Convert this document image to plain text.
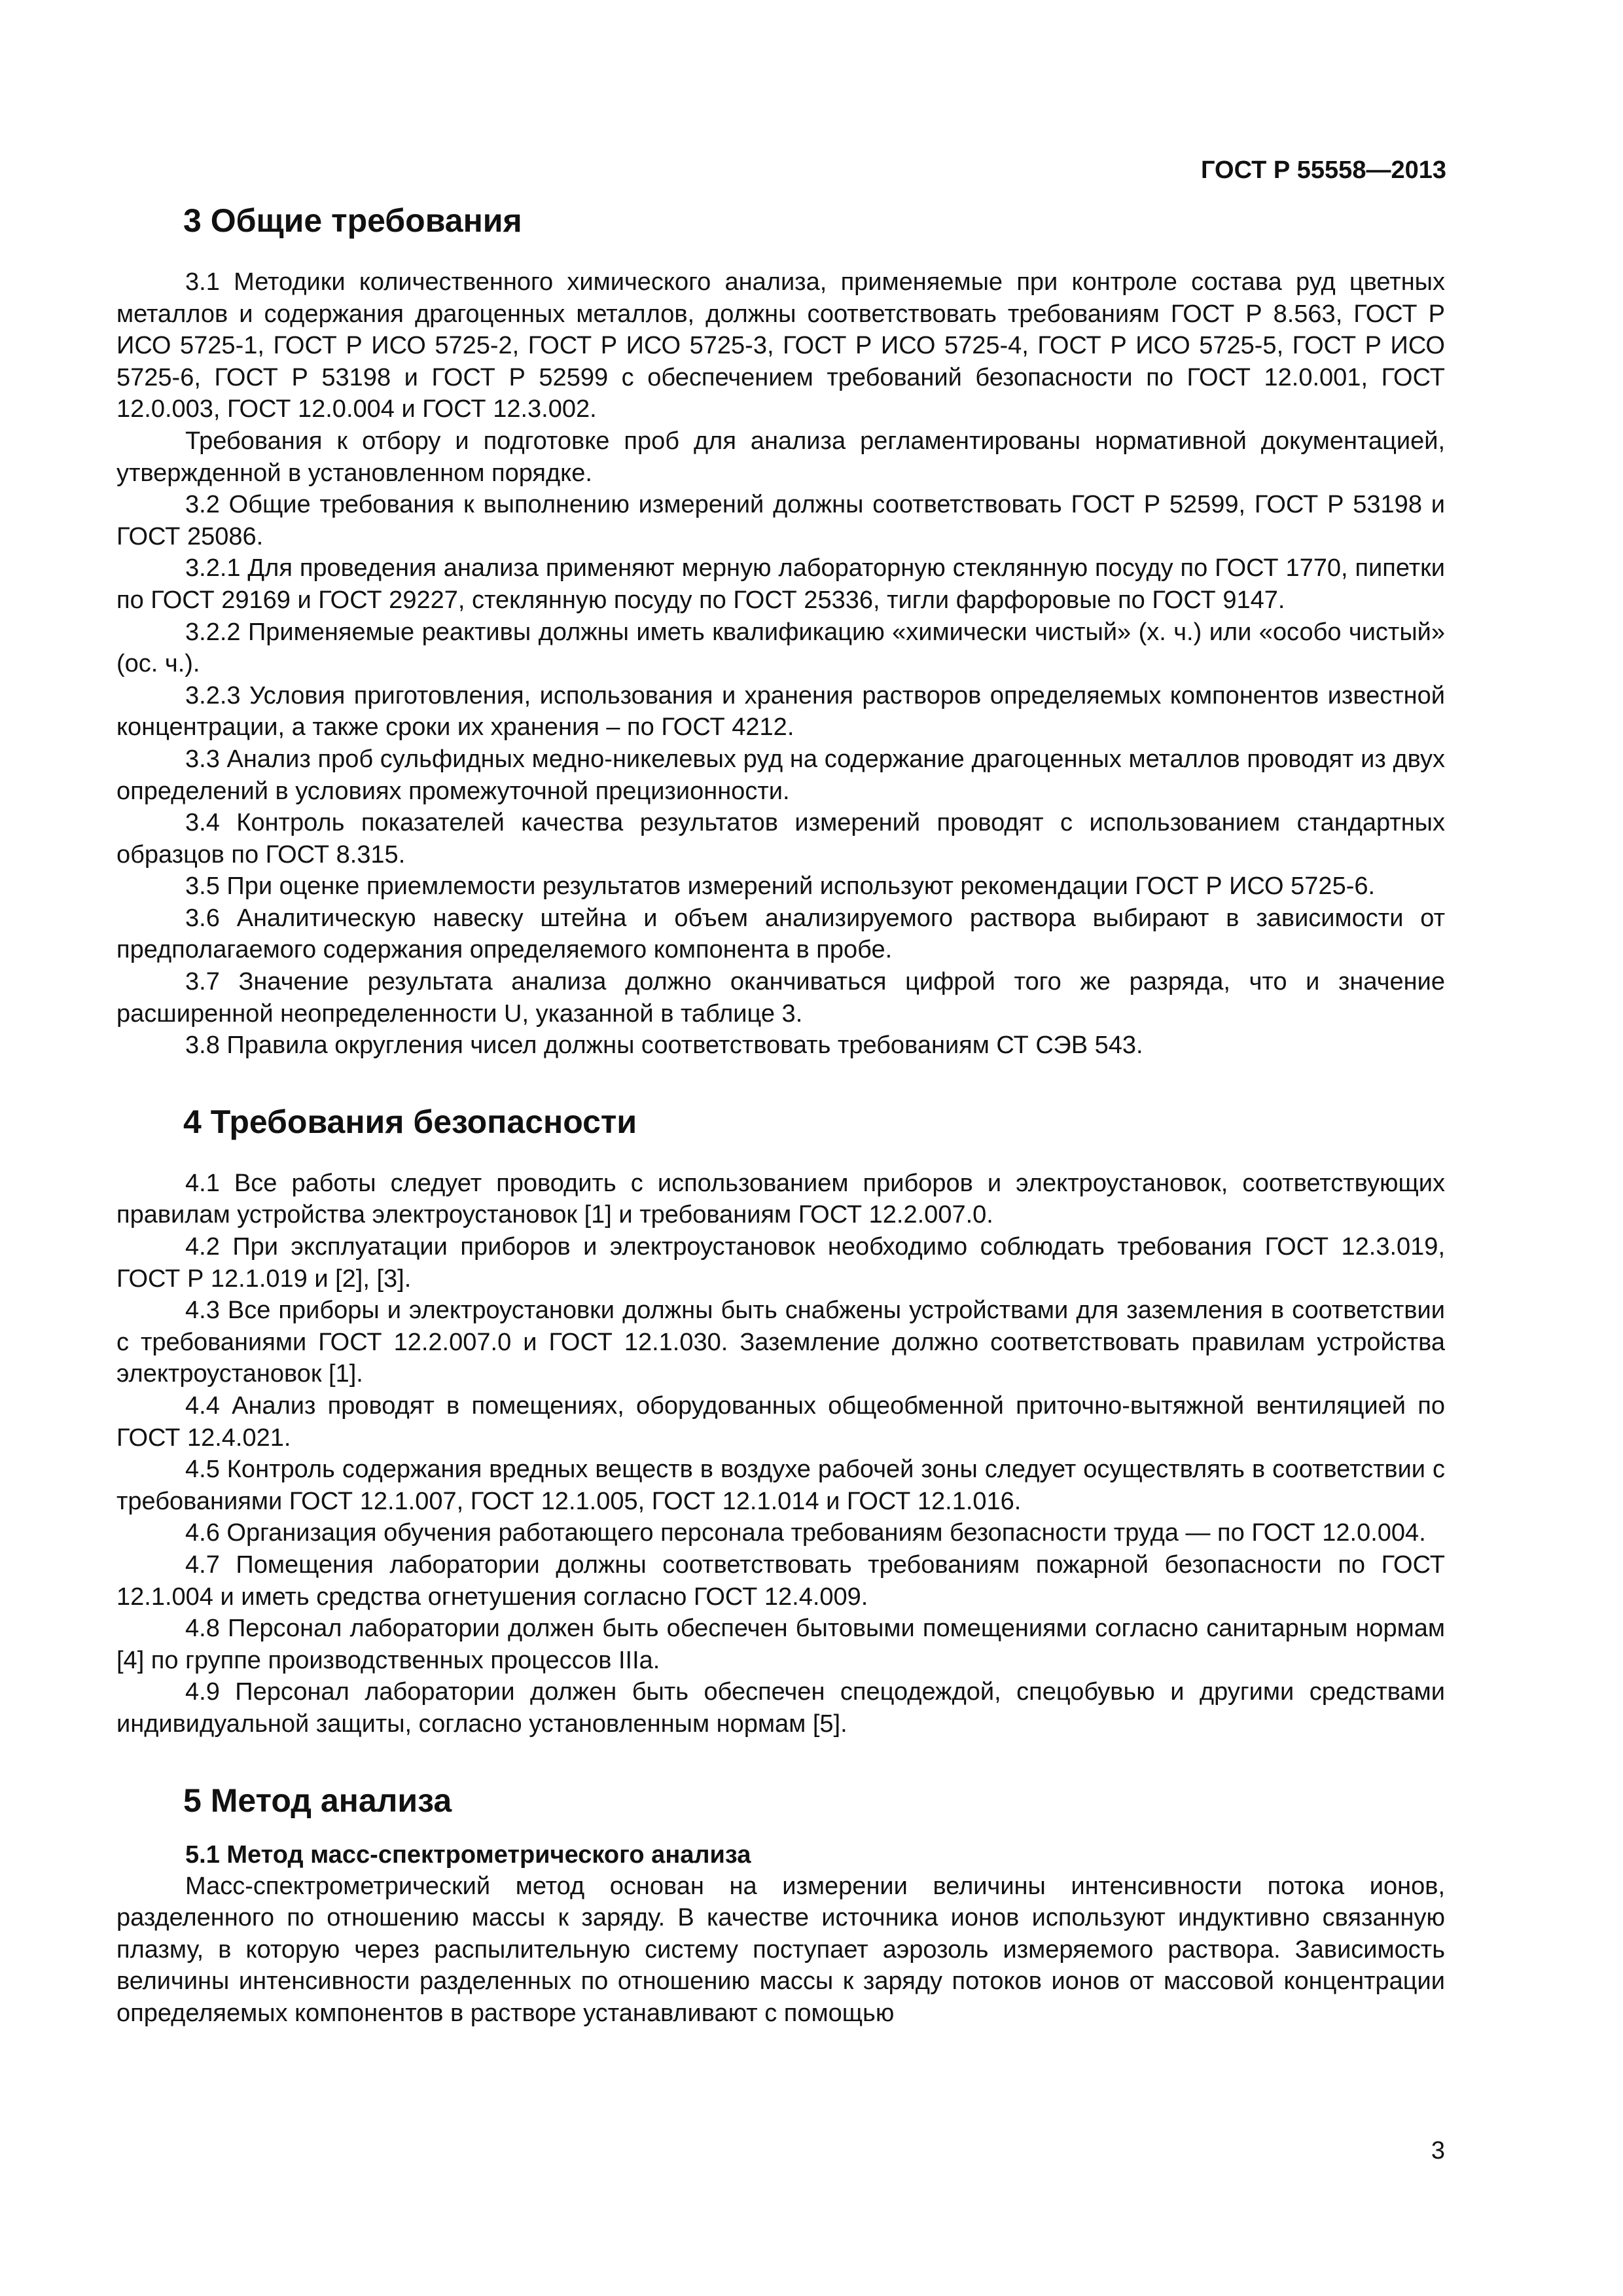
ГОСТ Р 55558—2013
3 Общие требования

3.1 Методики количественного химического анализа, применяемые при контроле состава руд цветных металлов и содержания драгоценных металлов, должны соответствовать требованиям ГОСТ Р 8.563, ГОСТ Р ИСО 5725-1, ГОСТ Р ИСО 5725-2, ГОСТ Р ИСО 5725-3, ГОСТ Р ИСО 5725-4, ГОСТ Р ИСО 5725-5, ГОСТ Р ИСО 5725-6, ГОСТ Р 53198 и ГОСТ Р 52599 с обеспечением требований безопасности по ГОСТ 12.0.001, ГОСТ 12.0.003, ГОСТ 12.0.004 и ГОСТ 12.3.002.

Требования к отбору и подготовке проб для анализа регламентированы нормативной документацией, утвержденной в установленном порядке.

3.2 Общие требования к выполнению измерений должны соответствовать ГОСТ Р 52599, ГОСТ Р 53198 и ГОСТ 25086.

3.2.1 Для проведения анализа применяют мерную лабораторную стеклянную посуду по ГОСТ 1770, пипетки по ГОСТ 29169 и ГОСТ 29227, стеклянную посуду по ГОСТ 25336, тигли фарфоровые по ГОСТ 9147.

3.2.2 Применяемые реактивы должны иметь квалификацию «химически чистый» (х. ч.) или «особо чистый» (ос. ч.).

3.2.3 Условия приготовления, использования и хранения растворов определяемых компонентов известной концентрации, а также сроки их хранения – по ГОСТ 4212.

3.3 Анализ проб сульфидных медно-никелевых руд на содержание драгоценных металлов проводят из двух определений в условиях промежуточной прецизионности.

3.4 Контроль показателей качества результатов измерений проводят с использованием стандартных образцов по ГОСТ 8.315.

3.5 При оценке приемлемости результатов измерений используют рекомендации ГОСТ Р ИСО 5725-6.

3.6 Аналитическую навеску штейна и объем анализируемого раствора выбирают в зависимости от предполагаемого содержания определяемого компонента в пробе.

3.7 Значение результата анализа должно оканчиваться цифрой того же разряда, что и значение расширенной неопределенности U, указанной в таблице 3.

3.8 Правила округления чисел должны соответствовать требованиям СТ СЭВ 543.

4 Требования безопасности

4.1 Все работы следует проводить с использованием приборов и электроустановок, соответствующих правилам устройства электроустановок [1] и требованиям ГОСТ 12.2.007.0.

4.2 При эксплуатации приборов и электроустановок необходимо соблюдать требования ГОСТ 12.3.019, ГОСТ Р 12.1.019 и [2], [3].

4.3 Все приборы и электроустановки должны быть снабжены устройствами для заземления в соответствии с требованиями ГОСТ 12.2.007.0 и ГОСТ 12.1.030. Заземление должно соответствовать правилам устройства электроустановок [1].

4.4 Анализ проводят в помещениях, оборудованных общеобменной приточно-вытяжной вентиляцией по ГОСТ 12.4.021.

4.5 Контроль содержания вредных веществ в воздухе рабочей зоны следует осуществлять в соответствии с требованиями ГОСТ 12.1.007, ГОСТ 12.1.005, ГОСТ 12.1.014 и ГОСТ 12.1.016.

4.6 Организация обучения работающего персонала требованиям безопасности труда — по ГОСТ 12.0.004.

4.7 Помещения лаборатории должны соответствовать требованиям пожарной безопасности по ГОСТ 12.1.004 и иметь средства огнетушения согласно ГОСТ 12.4.009.

4.8 Персонал лаборатории должен быть обеспечен бытовыми помещениями согласно санитарным нормам [4] по группе производственных процессов IIIа.

4.9 Персонал лаборатории должен быть обеспечен спецодеждой, спецобувью и другими средствами индивидуальной защиты, согласно установленным нормам [5].

5 Метод анализа
5.1 Метод масс-спектрометрического анализа

Масс-спектрометрический метод основан на измерении величины интенсивности потока ионов, разделенного по отношению массы к заряду. В качестве источника ионов используют индуктивно связанную плазму, в которую через распылительную систему поступает аэрозоль измеряемого раствора. Зависимость величины интенсивности разделенных по отношению массы к заряду потоков ионов от массовой концентрации определяемых компонентов в растворе устанавливают с помощью

3
